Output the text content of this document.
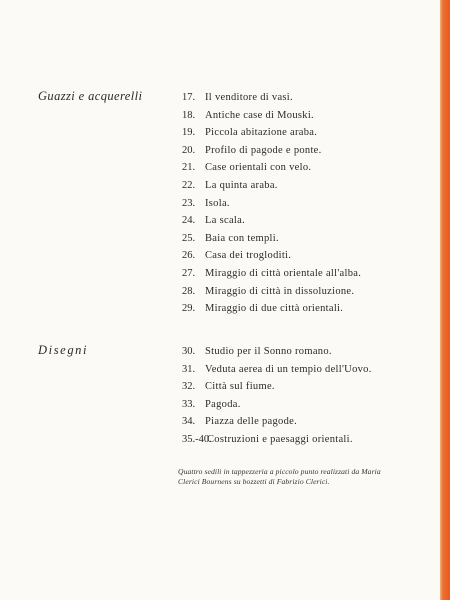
Guazzi e acquerelli	17. Il venditore di vasi.
18. Antiche case di Mouski.
19. Piccola abitazione araba.
20. Profilo di pagode e ponte.
21. Case orientali con velo.
22. La quinta araba.
23. Isola.
24. La scala.
25. Baia con templi.
26. Casa dei trogloditi.
27. Miraggio di città orientale all'alba.
28. Miraggio di città in dissoluzione.
29. Miraggio di due città orientali.
Disegni	30. Studio per il Sonno romano.
31. Veduta aerea di un tempio dell'Uovo.
32. Città sul fiume.
33. Pagoda.
34. Piazza delle pagode.
35.-40.
Costruzioni e paesaggi orientali.

Quattro sedili in tappezzeria a piccolo punto realizzati da Maria Clerici Bournens su bozzetti di Fabrizio Clerici.
